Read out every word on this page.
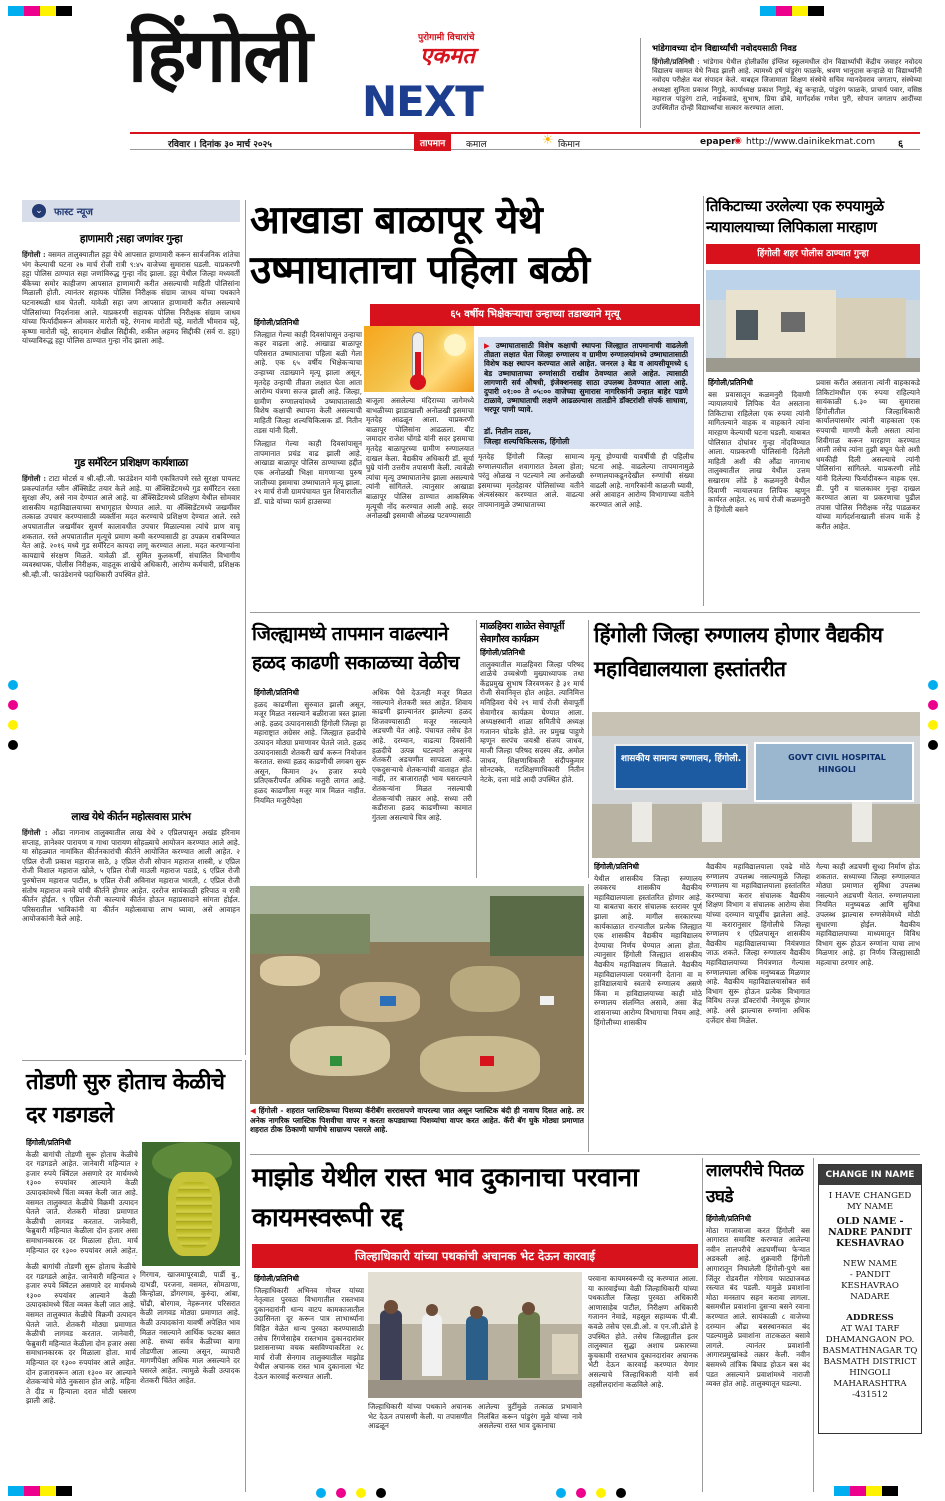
हिंगोली	पुरोगामी विचारांचे
एकमत
NEXT
भांडेगावच्या दोन विद्यार्थ्यांची नवोदयसाठी निवड
हिंगोली/प्रतिनिधी : भांडेगाव येथील होलीक्रॉस इंग्लिश स्कूलमधील दोन विद्यार्थ्यांची केंद्रीय जवाहर नवोदय विद्यालय वसमत येथे निवड झाली आहे. त्यामध्ये हर्ष पांडुरंग फाळके, श्रवण भानुदास कऱ्हाळे या विद्यार्थ्यांनी नवोदय परीक्षेत यश संपादन केले. याबद्दल जिजामाता शिक्षण संस्थेचे सचिव ग्यानदेवराव जगताप, संस्थेच्या अध्यक्षा सुनिता प्रकाश निगुडे, कार्याध्यक्ष प्रकाश निगुडे, बंडू कऱ्हाळे, पांडुरंग फाळके, प्राचार्य पवार, वसिष्ठ महाराज पांडुरंग टाले, नाईकवाडे, सुभाष, प्रिया ढोबे, मार्गदर्शक गणेश पुरी, सोपान जगताप आदींच्या उपस्थितीत दोन्ही विद्यार्थ्यांचा सत्कार करण्यात आला.
रविवार । दिनांक ३० मार्च २०२५	तापमान	कमाल	☀ किमान	epaper
◉ http://www.dainikekmat.com ६
⌄	फास्ट न्यूज
हाणामारी ;सहा जणांवर गुन्हा
हिंगोली : वसमत तालुक्यातील हट्टा येथे आपसात हाणामारी करून सार्वजनिक शांतेचा भंग केल्याची घटना २७ मार्च रोजी रात्री ९:४५ वाजेच्या सुमारास घडली. याप्रकरणी हट्टा पोलिस ठाण्यात सहा जणांविरुद्ध गुन्हा नोंद झाला. हट्टा येथील जिल्हा मध्यवर्ती बँकेच्या समोर काहीजण आपसात हाणामारी करीत असल्याची माहिती पोलिसांना मिळाली होती. त्यानंतर सहायक पोलिस निरीक्षक संग्राम जाधव यांच्या पथकाने घटनास्थळी धाव घेतली. यावेळी सहा जण आपसात हाणामारी करीत असल्याचे पोलिसांच्या निदर्शनास आले. याप्रकरणी सहायक पोलिस निरीक्षक संग्राम जाधव यांच्या फिर्यादीवरून ओमकार मारोती चट्टे, रंगनाथ मारोती चट्टे, मारोती भीमराव चट्टे, कृष्णा मारोती चट्टे, सादमान शेखील सिद्दीकी, शकील अहमद सिद्दीकी (सर्व रा. हट्टा) यांच्याविरुद्ध हट्टा पोलिस ठाण्यात गुन्हा नोंद झाला आहे.
गुड समॅरिटन प्रशिक्षण कार्यशाळा
हिंगोली : टाटा मोटर्स व श्री.व्ही.जी. फाउंडेशन यांनी एकत्रितपणे रस्ते सुरक्षा पायलट प्रकल्पांतर्गत ग्लीन ॲक्सिडेंट तयार केले आहे. या ॲक्सिडेंटमध्ये गुड समॅरिटन रस्ता सुरक्षा ॲप, असे नाव देण्यात आले आहे. या ॲक्सिडेंटमध्ये प्रशिक्षण येथील सोमवार शासकीय महाविद्यालयाच्या सभागृहात घेण्यात आले. या ॲक्सिडेंटमध्ये जखमींवर तत्काळ उपचार करण्यासाठी व्यक्तींना मदत करण्याचे प्रशिक्षण देण्यात आले. रस्ते अपघातातील जखमींवर सुवर्ण कालावधीत उपचार मिळाल्यास त्यांचे प्राण वाचू शकतात. रस्ते अपघातातील मृत्यूचे प्रमाण कमी करण्यासाठी हा उपक्रम राबविण्यात येत आहे. २०१६ मध्ये गुड समॅरिटन कायदा लागू करण्यात आला. मदत करणाऱ्यांना कायद्याचे संरक्षण मिळते. यावेळी डॉ. सुमित कुलकर्णी, संचालित विभागीय व्यवस्थापक, पोलीस निरीक्षक, वाहतूक शाखेचे अधिकारी, आरोग्य कर्मचारी, प्रशिक्षक श्री.व्ही.जी. फाउंडेशनचे पदाधिकारी उपस्थित होते.
लाख येथे कीर्तन महोत्सवास प्रारंभ
हिंगोली : औंढा नागनाथ तालुक्यातील लाख येथे २ एप्रिलपासून अखंड हरिनाम सप्ताह, ज्ञानेश्वर पारायण व गाथा पारायण सोहळ्याचे आयोजन करण्यात आले आहे. या सोहळ्यात नामांकित कीर्तनकारांची कीर्तने आयोजित करण्यात आली आहेत. २ एप्रिल रोजी प्रकाश महाराज साठे, ३ एप्रिल रोजी सोपान महाराज शास्त्री, ४ एप्रिल रोजी विशाल महाराज खोले, ५ एप्रिल रोजी माउली महाराज पठाडे, ६ एप्रिल रोजी पुरुषोत्तम महाराज पाटील, ७ एप्रिल रोजी अविनाश महाराज भारती, ८ एप्रिल रोजी संतोष महाराज वनवे यांची कीर्तने होणार आहेत. दररोज सायंकाळी हरिपाठ व रात्री कीर्तन होईल. ९ एप्रिल रोजी काल्याचे कीर्तन होऊन महाप्रसादाने सांगता होईल. परिसरातील भाविकांनी या कीर्तन महोत्सवाचा लाभ घ्यावा, असे आवाहन आयोजकांनी केले आहे.
आखाडा बाळापूर येथे उष्माघाताचा पहिला बळी
६५ वर्षीय भिक्षेकऱ्याचा उन्हाच्या तडाख्याने मृत्यू
हिंगोली/प्रतिनिधी
जिल्ह्यात गेल्या काही दिवसांपासून उन्हाचा कहर वाढला आहे. आखाडा बाळापूर परिसरात उष्माघाताचा पहिला बळी गेला आहे. एक ६५ वर्षीय भिक्षेकऱ्याचा उन्हाच्या तडाख्याने मृत्यू झाला असून, मृतदेह उन्हाची तीव्रता लक्षात घेता आता आरोग्य यंत्रणा सज्ज झाली आहे. जिल्हा, ग्रामीण रुग्णालयांमध्ये उष्माघातासाठी विशेष कक्षाची स्थापना केली असल्याची माहिती जिल्हा शल्यचिकित्सक डॉ. नितीन तडस यांनी दिली.
जिल्ह्यात गेल्या काही दिवसांपासून तापमानात प्रचंड वाढ झाली आहे. आखाडा बाळापूर पोलिस ठाण्याच्या हद्दीत एक अनोळखी भिक्षा मागणाऱ्या पुरुष जातीच्या इसमाचा उष्माघाताने मृत्यू झाला. २९ मार्च रोजी ग्रामपंचायत पुल शिवारातील डॉ. घाडे यांच्या फार्म हाउसच्या
बाजूला असलेल्या मंदिराच्या जागेमध्ये बाभळीच्या झाडाखाली अनोळखी इसमाचा मृतदेह आढळून आला. याप्रकरणी बाळापूर पोलिसांना आढळला. बीट जमादार राजेश घोंगडे यांनी सदर इसमाचा मृतदेह बाळापूरच्या ग्रामीण रुग्णालयात दाखल केला. वैद्यकीय अधिकारी डॉ. सूर्या घुम्रे यांनी उत्तरीय तपासणी केली. त्यावेळी त्यांचा मृत्यू उष्माघातानेच झाला असल्याचे त्यांनी सांगितले. त्यानुसार आखाडा बाळापूर पोलिस ठाण्यात आकस्मिक मृत्यूची नोंद करण्यात आली आहे. सदर अनोळखी इसमाची ओळख पटवण्यासाठी
▶ उष्माघातासाठी विशेष कक्षाची स्थापना जिल्ह्यात तापमानाची वाढलेली तीव्रता लक्षात घेता जिल्हा रुग्णालय व ग्रामीण रुग्णालयांमध्ये उष्माघातासाठी विशेष कक्ष स्थापन करण्यात आले आहेत. जनरल ३ बेड व आयसीयूमध्ये ६ बेड उष्माघाताच्या रुग्णांसाठी राखीव ठेवण्यात आले आहेत. त्यासाठी लागणारी सर्व औषधी, इंजेक्शनसह साठा उपलब्ध ठेवण्यात आला आहे. दुपारी ०१:०० ते ०५:०० वाजेच्या सुमारास नागरिकांनी उन्हात बाहेर पडणे टाळावे, उष्माघाताची लक्षणे आढळल्यास तातडीने डॉक्टरांशी संपर्क साधावा, भरपूर पाणी प्यावे.
डॉ. नितीन तडस,
जिल्हा शल्यचिकित्सक, हिंगोली
मृतदेह हिंगोली जिल्हा सामान्य रुग्णालयातील शवागारात ठेवला होता; परंतु ओळख न पटल्याने त्या अनोळखी इसमाच्या मृतदेहावर पोलिसांच्या वतीने अंत्यसंस्कार करण्यात आले. वाढत्या तापमानामुळे उष्माघाताच्या
मृत्यू होण्याची यावर्षीची ही पहिलीच घटना आहे. वाढलेल्या तापमानामुळे रुग्णालयाकडूनदेखील रुग्णांची संख्या वाढली आहे. नागरिकांनी काळजी घ्यावी, असे आवाहन आरोग्य विभागाच्या वतीने करण्यात आले आहे.
तिकिटाच्या उरलेल्या एक रुपयामुळे न्यायालयाच्या लिपिकाला मारहाण
हिंगोली शहर पोलीस ठाण्यात गुन्हा
हिंगोली/प्रतिनिधी
बस प्रवासातून कळमनुरी दिवाणी न्यायालयाचे लिपिक येत असताना तिकिटाचा राहिलेला एक रुपया त्यांनी मागितल्याने वाहक व वाहकाने त्यांना मारहाण केल्याची घटना घडली. याबाबत पोलिसात दोघांवर गुन्हा नोंदविण्यात आला. याप्रकरणी पोलिसांनी दिलेली माहिती अशी की औंढा नागनाथ तालुक्यातील लाख येथील उत्तम सखाराम लोंडे हे कळमनुरी येथील दिवाणी न्यायालयात लिपिक म्हणून कार्यरत आहेत. २६ मार्च रोजी कळमनुरी ते हिंगोली बसने
प्रवास करीत असताना त्यांनी वाहकाकडे तिकिटांमधील एक रुपया राहिल्याने सायंकाळी ६.३० च्या सुमारास हिंगोलीतील जिल्हाधिकारी कार्यालयासमोर त्यांनी वाहकाला एक रुपयाची मागणी केली असता त्यांना शिवीगाळ करून मारहाण करण्यात आली तसेच त्यांना तुझी बघून घेतो अशी धमकीही दिली असल्याचे त्यांनी पोलिसांना सांगितले. याप्रकरणी लोंडे यांनी दिलेल्या फिर्यादीवरून वाहक एस. डी. पुरी व चालकावर गुन्हा दाखल करण्यात आला या प्रकरणाचा पुढील तपास पोलिस निरीक्षक नरेंद्र पाडळकर यांच्या मार्गदर्शनाखाली संजय मार्के हे करीत आहेत.
जिल्ह्यामध्ये तापमान वाढल्याने हळद काढणी सकाळच्या वेळीच
हिंगोली/प्रतिनिधी
हळद काढणीला सुरुवात झाली असून, मजूर मिळत नसल्याने बळीराजा त्रस्त झाला आहे. हळद उत्पादनासाठी हिंगोली जिल्हा हा महाराष्ट्रात अग्रेसर आहे. जिल्ह्यात हळदीचे उत्पादन मोठ्या प्रमाणावर घेतले जाते. हळद उत्पादनासाठी शेतकरी खर्च करून नियोजन करतात. सध्या हळद काढणीची लगबग सुरू असून, किमान ३५ हजार रुपये प्रतिएकरीपर्यंत अधिक मजुरी लागत आहे. हळद काढणीला मजूर मात्र मिळत नाहीत. नियमित मजुरीपेक्षा
अधिक पैसे देऊनही मजूर मिळत नसल्याने शेतकरी त्रस्त आहेत. शिवाय काढणी झाल्यानंतर झालेल्या हळद शिजवण्यासाठी मजूर नसल्याने अडचणी येत आहे. पंचायत तसेच हेत आहे. दरम्यान, वाढत्या दिवसांनी हळदीचे उत्पन्न घटल्याने अजूनच शेतकरी अडचणीत सापडला आहे. एकदुसऱ्याचे शेतकऱ्यांची वाताहत होत नाही, तर बाजारातही भाव घसरल्याने शेतकऱ्यांना मिळत नसल्याची शेतकऱ्यांची तक्रार आहे. सध्या तरी कडीराजा हळद काढणीच्या कामात गुंतला असल्याचे चित्र आहे.
माळहिवरा शाळेत सेवापूर्ती सेवागौरव कार्यक्रम
हिंगोली/प्रतिनिधी
तालुक्यातील माळहिवरा जिल्हा परिषद शाळेचे उच्चश्रेणी मुख्याध्यापक तथा केंद्रप्रमुख सुभाष जिरवणकर हे ३१ मार्च रोजी सेवानिवृत्त होत आहेत. त्यानिमित्त मनिहिवरा येथे २९ मार्च रोजी सेवापूर्ती सेवागौरव कार्यक्रम घेण्यात आला. अध्यक्षस्थानी शाळा समितीचे अध्यक्ष गजानन घोडके होते. तर प्रमुख पाहुणे म्हणून सरपंच जयश्री संजय जाधव, माजी जिल्हा परिषद सदस्य ॲड. अमोल जाधव, शिक्षणाधिकारी संदीपकुमार सोनटक्के, गटशिक्षणाधिकारी नितीन नेटके, दत्ता मांडे आदी उपस्थित होते.
हिंगोली जिल्हा रुग्णालय होणार वैद्यकीय महाविद्यालयाला हस्तांतरीत
शासकीय सामान्य रुग्णालय, हिंगोली.	GOVT CIVIL HOSPITAL HINGOLI
हिंगोली/प्रतिनिधी
येथील शासकीय जिल्हा रुग्णालय लवकरच शासकीय वैद्यकीय महाविद्यालयाला हस्तांतरित होणार आहे. या बाबतचा करार संचालक स्तरावर पूर्ण झाला आहे. मागील सरकारच्या कार्यकाळात राज्यातील प्रत्येक जिल्ह्यात एक शासकीय वैद्यकीय महाविद्यालय देण्याचा निर्णय घेण्यात आला होता. त्यानुसार हिंगोली जिल्ह्यात शासकीय वैद्यकीय महाविद्यालय मिळाले. वैद्यकीय महाविद्यालयाला परवानगी देताना वा म हाविद्यालयाचे स्वतःचे रुग्णालय असणे किंवा म हाविद्यालयाच्या काही मोठे रुग्णालय संलग्नित असावे, असा केंद्र शासनाच्या आरोग्य विभागाचा नियम आहे. हिंगोलीच्या शासकीय
वैद्यकीय महाविद्यालयाला एवढे मोठे रुग्णालय उपलब्ध नसल्यामुळे जिल्हा रुग्णालय या महाविद्यालयाला हस्तांतरित करण्याचा करार संचालक वैद्यकीय शिक्षण विभाग व संचालक आरोग्य सेवा यांच्या दरम्यान यापूर्वीच झालेला आहे. या करारानुसार हिंगोलीचे जिल्हा रुग्णालय १ एप्रिलपासून शासकीय वैद्यकीय महाविद्यालयाच्या नियंत्रणात जाऊ शकते. जिल्हा रुग्णालय वैद्यकीय महाविद्यालयाच्या नियंत्रणात गेल्यास रुग्णालयाला अधिक मनुष्यबळ मिळणार आहे. वैद्यकीय महाविद्यालयासोबत सर्व विभाग सुरू होऊन प्रत्येक विभागात विविध तज्ज्ञ डॉक्टरांची नेमणूक होणार आहे. असे झाल्यास रुग्णांना अधिक दर्जेदार सेवा मिळेल.
गेल्या काही अडचणी सुध्दा निर्माण होऊ शकतात. सध्याच्या जिल्हा रुग्णालयात मोठ्या प्रमाणात सुविधा उपलब्ध नसल्याने अडचणी येतात. रुग्णालयाला नियमित मनुष्यबळ आणि सुविधा उपलब्ध झाल्यास रुग्णसेवेमध्ये मोठी सुधारणा होईल. वैद्यकीय महाविद्यालयाच्या माध्यमातून विविध विभाग सुरू होऊन रुग्णांना याचा लाभ मिळणार आहे. हा निर्णय जिल्ह्यासाठी महत्वाचा ठरणार आहे.
◀ हिंगोली - शहरात प्लास्टिकच्या पिशव्या कॅरीबॅग सररासपणे वापरल्या जात असून प्लास्टिक बंदी ही नावाच दिसत आहे. तर अनेक नागरिक प्लास्टिक पिशवीचा वापर न करता कपड्याच्या पिशव्यांचा वापर करत आहेत. कॅरी बॅग घुके मोठ्या प्रमाणात शहरात ठीक ठिकाणी घाणीचे साम्राज्य पसरले आहे.
तोडणी सुरु होताच केळीचे दर गडगडले
हिंगोली/प्रतिनिधी
केळी बागांची तोडणी सुरू होताच केळीचे दर गडगडले आहेत. जानेवारी महिन्यात २ हजार रुपये क्विंटल असणारे दर मार्चमध्ये १३०० रुपयांवर आल्याने केळी उत्पादकांमध्ये चिंता व्यक्त केली जात आहे. वसमत तालुक्यात केळीचे विक्रमी उत्पादन घेतले जाते. शेतकरी मोठ्या प्रमाणात केळीची लागवड करतात. जानेवारी, फेब्रुवारी महिन्यात केळीला दोन हजार असा समाधानकारक दर मिळाला होता. मार्च महिन्यात दर १३०० रुपयांवर आले आहेत.
केळी बागांची तोडणी सुरू होताच केळीचे दर गडगडले आहेत. जानेवारी महिन्यात २ हजार रुपये क्विंटल असणारे दर मार्चमध्ये १३०० रुपयांवर आल्याने केळी उत्पादकांमध्ये चिंता व्यक्त केली जात आहे. वसमत तालुक्यात केळीचे विक्रमी उत्पादन घेतले जाते. शेतकरी मोठ्या प्रमाणात केळीची लागवड करतात. जानेवारी, फेब्रुवारी महिन्यात केळीला दोन हजार असा समाधानकारक दर मिळाला होता. मार्च महिन्यात दर १३०० रुपयांवर आले आहेत. दोन हजारावरून आता १३०० वर आल्याने शेतकऱ्यांचे मोठे नुकसान होत आहे. महिना ते दीड म हिन्याला दरात मोठी घसरण झाली आहे.
गिरगाव, खाजमापूरवाडी, पार्डी बु., दाभडी, परजना, वसमत, सोमठाणा, किन्होळा, डोंगरगाव, कुरुंदा, आंबा, चोंढी, बोरगाव, नेहरूनगर परिसरात केळी लागवड मोठ्या प्रमाणात आहे. केळी उत्पादकांना यावर्षी अपेक्षित भाव मिळत नसल्याने आर्थिक फटका बसत आहे. सध्या सर्वत्र केळीच्या बागा तोडणीला आल्या असून, व्यापारी मागणीपेक्षा अधिक माल असल्याने दर घसरले आहेत. त्यामुळे केळी उत्पादक शेतकरी चिंतेत आहेत.
माझोड येथील रास्त भाव दुकानाचा परवाना कायमस्वरूपी रद्द
जिल्हाधिकारी यांच्या पथकांची अचानक भेट देऊन कारवाई
हिंगोली/प्रतिनिधी
जिल्हाधिकारी अभिनव गोयल यांच्या नेतृत्वात पुरवठा विभागातील रास्तभाव दुकानदारांनी धान्य वाटप कामकाजातील उदासिनता दूर करून पात्र लाभार्थ्यांना विहित वेळेत धान्य पुरवठा करण्यासाठी तसेच रिंगणेसाहेब रास्तभाव दुकानदारांवर प्रशासनाच्या वचक बसविण्याकरिता २८ मार्च रोजी सेनगाव तालुक्यातील माझोड येथील अचानक रास्त भाव दुकानाला भेट देऊन कारवाई करण्यात आली.
जिल्हाधिकारी यांच्या पथकाने अचानक भेट देऊन तपासणी केली. या तपासणीत आढळून
आलेल्या त्रुटींमुळे तत्काळ प्रभावाने निलंबित करून पांडुरंग मुळे यांच्या नावे असलेल्या रास्त भाव दुकानाचा
परवाना कायमस्वरूपी रद्द करण्यात आला. या कारवाईच्या वेळी जिल्हाधिकारी यांच्या पथकातील जिल्हा पुरवठा अधिकारी आणासाहेब पाटील, निरीक्षण अधिकारी गजानन नेमाडे, महसूल सहाय्यक पी.बी. कवळे तसेच एस.डी.ओ. व एन.जी.ढोले हे उपस्थित होते. तसेच जिल्ह्यातील इतर तालुक्यात सुद्धा अशाच प्रकारच्या कुचकामी रास्तभाव दुकानदारांवर अचानक भेटी देऊन कारवाई करण्यात येणार असल्याचे जिल्हाधिकारी यांनी सर्व तहसीलदारांना कळविले आहे.
लालपरीचे पितळ उघडे
हिंगोली/प्रतिनिधी
मोठा गाजावाजा करत हिंगोली बस आगारात समाविष्ट करण्यात आलेल्या नवीन लालपरीचे अडचणींच्या फेऱ्यात अडकली आहे. शुक्रवारी हिंगोली आगारातून निघालेली हिंगोली-पुणे बस जिंतूर रोडवरील गोरेगाव फाट्याजवळ रस्त्यात बंद पडली. यामुळे प्रवाशांना मोठा मनस्ताप सहन करावा लागला. बसमधील प्रवाशांना दुसऱ्या बसने रवाना करण्यात आले. सायंकाळी ८ वाजेच्या दरम्यान औंढा बसस्थानकात बंद पडल्यामुळे प्रवाशांना ताटकळत बसावे लागले. त्यानंतर प्रवाशांनी आगारप्रमुखांकडे तक्रार केली. नवीन बसमध्ये तांत्रिक बिघाड होऊन बस बंद पडत असल्याने प्रवाशांमध्ये नाराजी व्यक्त होत आहे. तालुक्यातून घडल्या.
CHANGE IN NAME
I HAVE CHANGED MY NAME
OLD NAME -
NADRE PANDIT KESHAVRAO
NEW NAME
- PANDIT KESHAVRAO NADARE
ADDRESS
AT WAI TARF DHAMANGAON PO. BASMATHNAGAR TQ BASMATH DISTRICT HINGOLI MAHARASHTRA -431512
